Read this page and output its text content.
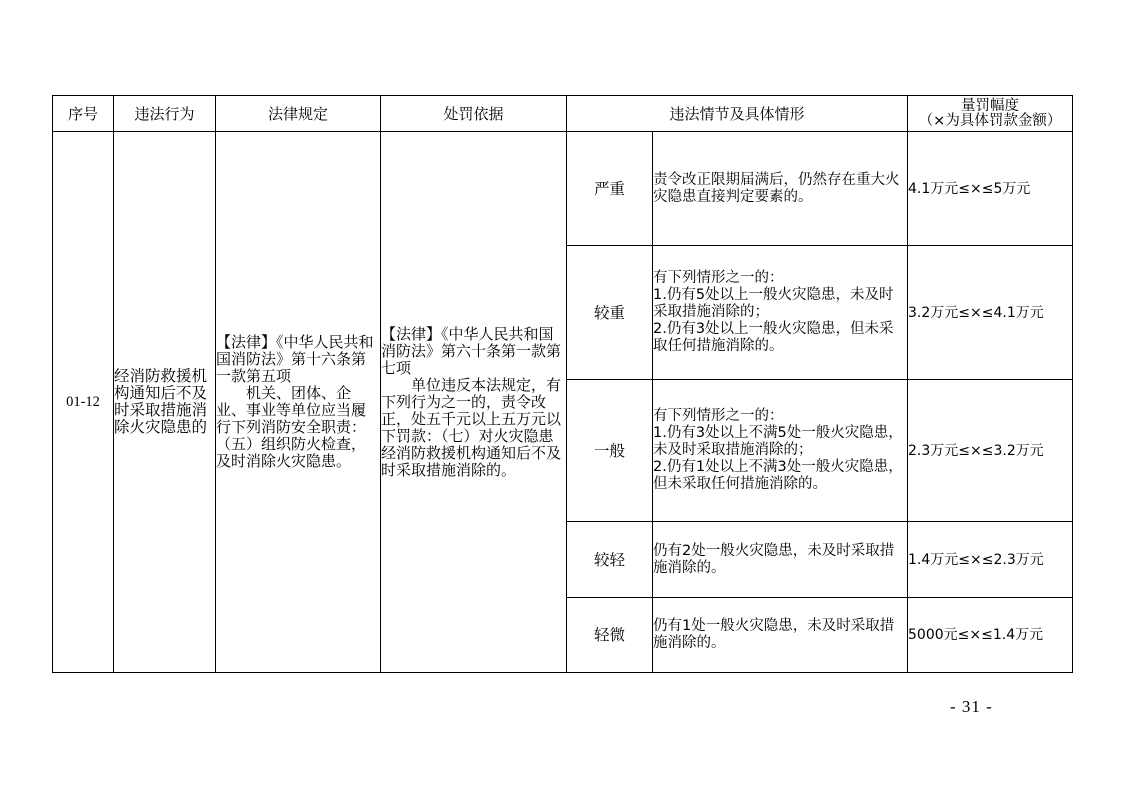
序号	违法行为	法律规定	处罚依据	违法情节及具体情形		量罚幅度
（×为具体罚款金额）

01-12	经消防救援机构通知后不及时采取措施消除火灾隐患的	【法律】《中华人民共和国消防法》第十六条第一款第五项
机关、团体、企业、事业等单位应当履行下列消防安全职责：（五）组织防火检查，及时消除火灾隐患。	【法律】《中华人民共和国消防法》第六十条第一款第七项
单位违反本法规定，有下列行为之一的，责令改正，处五千元以上五万元以下罚款：（七）对火灾隐患经消防救援机构通知后不及时采取措施消除的。	严重	责令改正限期届满后，仍然存在重大火灾隐患直接判定要素的。	4.1万元≤×≤5万元
				较重	有下列情形之一的：
1.仍有5处以上一般火灾隐患，未及时采取措施消除的；
2.仍有3处以上一般火灾隐患，但未采取任何措施消除的。	3.2万元≤×≤4.1万元
				一般	有下列情形之一的：
1.仍有3处以上不满5处一般火灾隐患，未及时采取措施消除的；
2.仍有1处以上不满3处一般火灾隐患，但未采取任何措施消除的。	2.3万元≤×≤3.2万元
				较轻	仍有2处一般火灾隐患，未及时采取措施消除的。	1.4万元≤×≤2.3万元
				轻微	仍有1处一般火灾隐患，未及时采取措施消除的。	5000元≤×≤1.4万元
- 31 -
